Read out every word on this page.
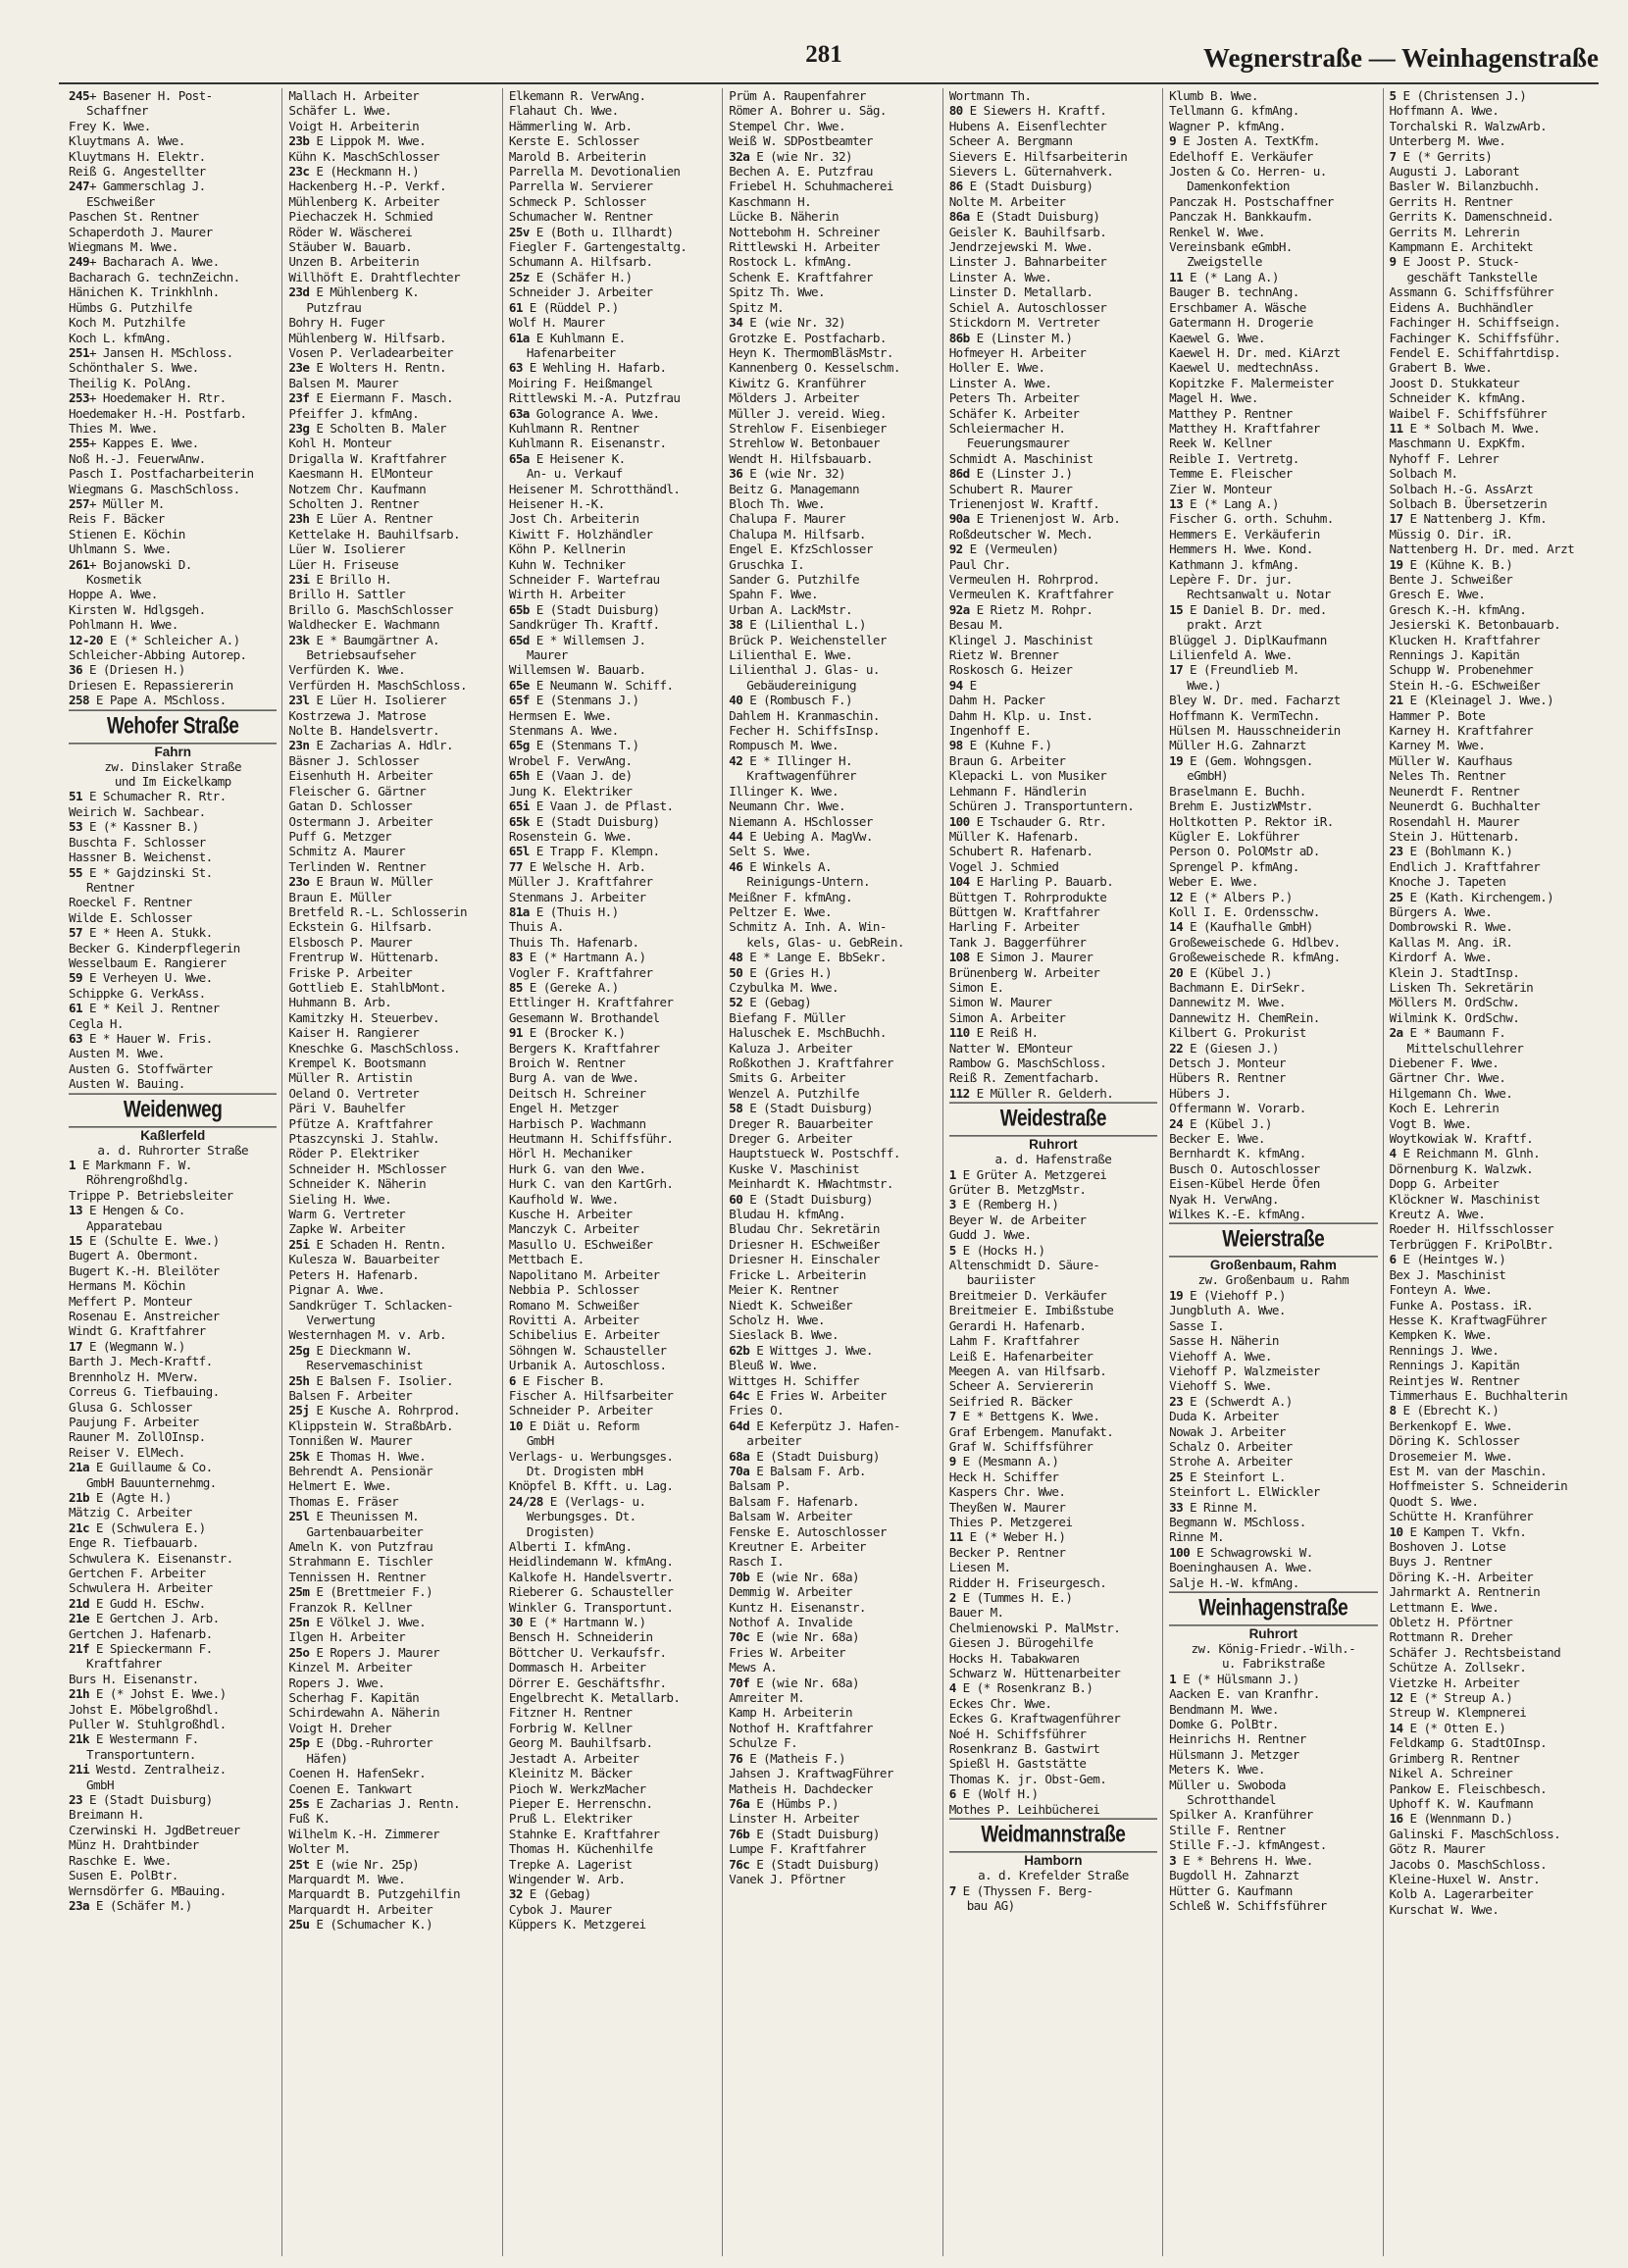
281	Wegnerstraße — Weinhagenstraße
245+ Basener H. Post-
Schaffner
Frey K. Wwe.
Kluytmans A. Wwe.
Kluytmans H. Elektr.
Reiß G. Angestellter
247+ Gammerschlag J.
ESchweißer
Paschen St. Rentner
Schaperdoth J. Maurer
Wiegmans M. Wwe.
249+ Bacharach A. Wwe.
Bacharach G. technZeichn.
Hänichen K. Trinkhlnh.
Hümbs G. Putzhilfe
Koch M. Putzhilfe
Koch L. kfmAng.
251+ Jansen H. MSchloss.
Schönthaler S. Wwe.
Theilig K. PolAng.
253+ Hoedemaker H. Rtr.
Hoedemaker H.-H. Postfarb.
Thies M. Wwe.
255+ Kappes E. Wwe.
Noß H.-J. FeuerwAnw.
Pasch I. Postfacharbeiterin
Wiegmans G. MaschSchloss.
257+ Müller M.
Reis F. Bäcker
Stienen E. Köchin
Uhlmann S. Wwe.
261+ Bojanowski D.
Kosmetik
Hoppe A. Wwe.
Kirsten W. Hdlgsgeh.
Pohlmann H. Wwe.
12-20 E (* Schleicher A.)
Schleicher-Abbing Autorep.
36 E (Driesen H.)
Driesen E. Repassiererin
258 E Pape A. MSchloss.
Wehofer Straße
Fahrn
zw. Dinslaker Straße
und Im Eickelkamp
51 E Schumacher R. Rtr.
Weirich W. Sachbear.
53 E (* Kassner B.)
Buschta F. Schlosser
Hassner B. Weichenst.
55 E * Gajdzinski St.
Rentner
Roeckel F. Rentner
Wilde E. Schlosser
57 E * Heen A. Stukk.
Becker G. Kinderpflegerin
Wesselbaum E. Rangierer
59 E Verheyen U. Wwe.
Schippke G. VerkAss.
61 E * Keil J. Rentner
Cegla H.
63 E * Hauer W. Fris.
Austen M. Wwe.
Austen G. Stoffwärter
Austen W. Bauing.
Weidenweg
Kaßlerfeld
a. d. Ruhrorter Straße
1 E Markmann F. W.
Röhrengroßhdlg.
Trippe P. Betriebsleiter
13 E Hengen & Co.
Apparatebau
15 E (Schulte E. Wwe.)
Bugert A. Obermont.
Bugert K.-H. Bleilöter
Hermans M. Köchin
Meffert P. Monteur
Rosenau E. Anstreicher
Windt G. Kraftfahrer
17 E (Wegmann W.)
Barth J. Mech-Kraftf.
Brennholz H. MVerw.
Correus G. Tiefbauing.
Glusa G. Schlosser
Paujung F. Arbeiter
Rauner M. ZollOInsp.
Reiser V. ElMech.
21a E Guillaume & Co.
GmbH Bauunternehmg.
21b E (Agte H.)
Mätzig C. Arbeiter
21c E (Schwulera E.)
Enge R. Tiefbauarb.
Schwulera K. Eisenanstr.
Gertchen F. Arbeiter
Schwulera H. Arbeiter
21d E Gudd H. ESchw.
21e E Gertchen J. Arb.
Gertchen J. Hafenarb.
21f E Spieckermann F.
Kraftfahrer
Burs H. Eisenanstr.
21h E (* Johst E. Wwe.)
Johst E. Möbelgroßhdl.
Puller W. Stuhlgroßhdl.
21k E Westermann F.
Transportuntern.
21i Westd. Zentralheiz.
GmbH
23 E (Stadt Duisburg)
Breimann H.
Czerwinski H. JgdBetreuer
Münz H. Drahtbinder
Raschke E. Wwe.
Susen E. PolBtr.
Wernsdörfer G. MBauing.
23a E (Schäfer M.)
Mallach H. Arbeiter
Schäfer L. Wwe.
Voigt H. Arbeiterin
23b E Lippok M. Wwe.
Kühn K. MaschSchlosser
23c E (Heckmann H.)
Hackenberg H.-P. Verkf.
Mühlenberg K. Arbeiter
Piechaczek H. Schmied
Röder W. Wäscherei
Stäuber W. Bauarb.
Unzen B. Arbeiterin
Willhöft E. Drahtflechter
23d E Mühlenberg K.
Putzfrau
Bohry H. Fuger
Mühlenberg W. Hilfsarb.
Vosen P. Verladearbeiter
23e E Wolters H. Rentn.
Balsen M. Maurer
23f E Eiermann F. Masch.
Pfeiffer J. kfmAng.
23g E Scholten B. Maler
Kohl H. Monteur
Drigalla W. Kraftfahrer
Kaesmann H. ElMonteur
Notzem Chr. Kaufmann
Scholten J. Rentner
23h E Lüer A. Rentner
Kettelake H. Bauhilfsarb.
Lüer W. Isolierer
Lüer H. Friseuse
23i E Brillo H.
Brillo H. Sattler
Brillo G. MaschSchlosser
Waldhecker E. Wachmann
23k E * Baumgärtner A.
Betriebsaufseher
Verfürden K. Wwe.
Verfürden H. MaschSchloss.
23l E Lüer H. Isolierer
Kostrzewa J. Matrose
Nolte B. Handelsvertr.
23n E Zacharias A. Hdlr.
Bäsner J. Schlosser
Eisenhuth H. Arbeiter
Fleischer G. Gärtner
Gatan D. Schlosser
Ostermann J. Arbeiter
Puff G. Metzger
Schmitz A. Maurer
Terlinden W. Rentner
23o E Braun W. Müller
Braun E. Müller
Bretfeld R.-L. Schlosserin
Eckstein G. Hilfsarb.
Elsbosch P. Maurer
Frentrup W. Hüttenarb.
Friske P. Arbeiter
Gottlieb E. StahlbMont.
Huhmann B. Arb.
Kamitzky H. Steuerbev.
Kaiser H. Rangierer
Kneschke G. MaschSchloss.
Krempel K. Bootsmann
Müller R. Artistin
Oeland O. Vertreter
Päri V. Bauhelfer
Pfütze A. Kraftfahrer
Ptaszcynski J. Stahlw.
Röder P. Elektriker
Schneider H. MSchlosser
Schneider K. Näherin
Sieling H. Wwe.
Warm G. Vertreter
Zapke W. Arbeiter
25i E Schaden H. Rentn.
Kulesza W. Bauarbeiter
Peters H. Hafenarb.
Pignar A. Wwe.
Sandkrüger T. Schlacken-
Verwertung
Westernhagen M. v. Arb.
25g E Dieckmann W.
Reservemaschinist
25h E Balsen F. Isolier.
Balsen F. Arbeiter
25j E Kusche A. Rohrprod.
Klippstein W. StraßbArb.
Tonnißen W. Maurer
25k E Thomas H. Wwe.
Behrendt A. Pensionär
Helmert E. Wwe.
Thomas E. Fräser
25l E Theunissen M.
Gartenbauarbeiter
Ameln K. von Putzfrau
Strahmann E. Tischler
Tennissen H. Rentner
25m E (Brettmeier F.)
Franzok R. Kellner
25n E Völkel J. Wwe.
Ilgen H. Arbeiter
25o E Ropers J. Maurer
Kinzel M. Arbeiter
Ropers J. Wwe.
Scherhag F. Kapitän
Schirdewahn A. Näherin
Voigt H. Dreher
25p E (Dbg.-Ruhrorter
Häfen)
Coenen H. HafenSekr.
Coenen E. Tankwart
25s E Zacharias J. Rentn.
Fuß K.
Wilhelm K.-H. Zimmerer
Wolter M.
25t E (wie Nr. 25p)
Marquardt M. Wwe.
Marquardt B. Putzgehilfin
Marquardt H. Arbeiter
25u E (Schumacher K.)
Elkemann R. VerwAng.
Flahaut Ch. Wwe.
Hämmerling W. Arb.
Kerste E. Schlosser
Marold B. Arbeiterin
Parrella M. Devotionalien
Parrella W. Servierer
Schmeck P. Schlosser
Schumacher W. Rentner
25v E (Both u. Illhardt)
Fiegler F. Gartengestaltg.
Schumann A. Hilfsarb.
25z E (Schäfer H.)
Schneider J. Arbeiter
61 E (Rüddel P.)
Wolf H. Maurer
61a E Kuhlmann E.
Hafenarbeiter
63 E Wehling H. Hafarb.
Moiring F. Heißmangel
Rittlewski M.-A. Putzfrau
63a Gologrance A. Wwe.
Kuhlmann R. Rentner
Kuhlmann R. Eisenanstr.
65a E Heisener K.
An- u. Verkauf
Heisener M. Schrotthändl.
Heisener H.-K.
Jost Ch. Arbeiterin
Kiwitt F. Holzhändler
Köhn P. Kellnerin
Kuhn W. Techniker
Schneider F. Wartefrau
Wirth H. Arbeiter
65b E (Stadt Duisburg)
Sandkrüger Th. Kraftf.
65d E * Willemsen J.
Maurer
Willemsen W. Bauarb.
65e E Neumann W. Schiff.
65f E (Stenmans J.)
Hermsen E. Wwe.
Stenmans A. Wwe.
65g E (Stenmans T.)
Wrobel F. VerwAng.
65h E (Vaan J. de)
Jung K. Elektriker
65i E Vaan J. de Pflast.
65k E (Stadt Duisburg)
Rosenstein G. Wwe.
65l E Trapp F. Klempn.
77 E Welsche H. Arb.
Müller J. Kraftfahrer
Stenmans J. Arbeiter
81a E (Thuis H.)
Thuis A.
Thuis Th. Hafenarb.
83 E (* Hartmann A.)
Vogler F. Kraftfahrer
85 E (Gereke A.)
Ettlinger H. Kraftfahrer
Gesemann W. Brothandel
91 E (Brocker K.)
Bergers K. Kraftfahrer
Broich W. Rentner
Burg A. van de Wwe.
Deitsch H. Schreiner
Engel H. Metzger
Harbisch P. Wachmann
Heutmann H. Schiffsführ.
Hörl H. Mechaniker
Hurk G. van den Wwe.
Hurk C. van den KartGrh.
Kaufhold W. Wwe.
Kusche H. Arbeiter
Manczyk C. Arbeiter
Masullo U. ESchweißer
Mettbach E.
Napolitano M. Arbeiter
Nebbia P. Schlosser
Romano M. Schweißer
Rovitti A. Arbeiter
Schibelius E. Arbeiter
Söhngen W. Schausteller
Urbanik A. Autoschloss.
6 E Fischer B.
Fischer A. Hilfsarbeiter
Schneider P. Arbeiter
10 E Diät u. Reform
GmbH
Verlags- u. Werbungsges.
Dt. Drogisten mbH
Knöpfel B. Kfft. u. Lag.
24/28 E (Verlags- u.
Werbungsges. Dt.
Drogisten)
Alberti I. kfmAng.
Heidlindemann W. kfmAng.
Kalkofe H. Handelsvertr.
Rieberer G. Schausteller
Winkler G. Transportunt.
30 E (* Hartmann W.)
Bensch H. Schneiderin
Böttcher U. Verkaufsfr.
Dommasch H. Arbeiter
Dörrer E. Geschäftsfhr.
Engelbrecht K. Metallarb.
Fitzner H. Rentner
Forbrig W. Kellner
Georg M. Bauhilfsarb.
Jestadt A. Arbeiter
Kleinitz M. Bäcker
Pioch W. WerkzMacher
Pieper E. Herrenschn.
Pruß L. Elektriker
Stahnke E. Kraftfahrer
Thomas H. Küchenhilfe
Trepke A. Lagerist
Wingender W. Arb.
32 E (Gebag)
Cybok J. Maurer
Küppers K. Metzgerei
Prüm A. Raupenfahrer
Römer A. Bohrer u. Säg.
Stempel Chr. Wwe.
Weiß W. SDPostbeamter
32a E (wie Nr. 32)
Bechen A. E. Putzfrau
Friebel H. Schuhmacherei
Kaschmann H.
Lücke B. Näherin
Nottebohm H. Schreiner
Rittlewski H. Arbeiter
Rostock L. kfmAng.
Schenk E. Kraftfahrer
Spitz Th. Wwe.
Spitz M.
34 E (wie Nr. 32)
Grotzke E. Postfacharb.
Heyn K. ThermomBläsMstr.
Kannenberg O. Kesselschm.
Kiwitz G. Kranführer
Mölders J. Arbeiter
Müller J. vereid. Wieg.
Strehlow F. Eisenbieger
Strehlow W. Betonbauer
Wendt H. Hilfsbauarb.
36 E (wie Nr. 32)
Beitz G. Managemann
Bloch Th. Wwe.
Chalupa F. Maurer
Chalupa M. Hilfsarb.
Engel E. KfzSchlosser
Gruschka I.
Sander G. Putzhilfe
Spahn F. Wwe.
Urban A. LackMstr.
38 E (Lilienthal L.)
Brück P. Weichensteller
Lilienthal E. Wwe.
Lilienthal J. Glas- u.
Gebäudereinigung
40 E (Rombusch F.)
Dahlem H. Kranmaschin.
Fecher H. SchiffsInsp.
Rompusch M. Wwe.
42 E * Illinger H.
Kraftwagenführer
Illinger K. Wwe.
Neumann Chr. Wwe.
Niemann A. HSchlosser
44 E Uebing A. MagVw.
Selt S. Wwe.
46 E Winkels A.
Reinigungs-Untern.
Meißner F. kfmAng.
Peltzer E. Wwe.
Schmitz A. Inh. A. Win-
kels, Glas- u. GebRein.
48 E * Lange E. BbSekr.
50 E (Gries H.)
Czybulka M. Wwe.
52 E (Gebag)
Biefang F. Müller
Haluschek E. MschBuchh.
Kaluza J. Arbeiter
Roßkothen J. Kraftfahrer
Smits G. Arbeiter
Wenzel A. Putzhilfe
58 E (Stadt Duisburg)
Dreger R. Bauarbeiter
Dreger G. Arbeiter
Hauptstueck W. Postschff.
Kuske V. Maschinist
Meinhardt K. HWachtmstr.
60 E (Stadt Duisburg)
Bludau H. kfmAng.
Bludau Chr. Sekretärin
Driesner H. ESchweißer
Driesner H. Einschaler
Fricke L. Arbeiterin
Meier K. Rentner
Niedt K. Schweißer
Scholz H. Wwe.
Sieslack B. Wwe.
62b E Wittges J. Wwe.
Bleuß W. Wwe.
Wittges H. Schiffer
64c E Fries W. Arbeiter
Fries O.
64d E Keferpütz J. Hafen-
arbeiter
68a E (Stadt Duisburg)
70a E Balsam F. Arb.
Balsam P.
Balsam F. Hafenarb.
Balsam W. Arbeiter
Fenske E. Autoschlosser
Kreutner E. Arbeiter
Rasch I.
70b E (wie Nr. 68a)
Demmig W. Arbeiter
Kuntz H. Eisenanstr.
Nothof A. Invalide
70c E (wie Nr. 68a)
Fries W. Arbeiter
Mews A.
70f E (wie Nr. 68a)
Amreiter M.
Kamp H. Arbeiterin
Nothof H. Kraftfahrer
Schulze F.
76 E (Matheis F.)
Jahsen J. KraftwagFührer
Matheis H. Dachdecker
76a E (Hümbs P.)
Linster H. Arbeiter
76b E (Stadt Duisburg)
Lumpe F. Kraftfahrer
76c E (Stadt Duisburg)
Vanek J. Pförtner
Wortmann Th.
80 E Siewers H. Kraftf.
Hubens A. Eisenflechter
Scheer A. Bergmann
Sievers E. Hilfsarbeiterin
Sievers L. Güternahverk.
86 E (Stadt Duisburg)
Nolte M. Arbeiter
86a E (Stadt Duisburg)
Geisler K. Bauhilfsarb.
Jendrzejewski M. Wwe.
Linster J. Bahnarbeiter
Linster A. Wwe.
Linster D. Metallarb.
Schiel A. Autoschlosser
Stickdorn M. Vertreter
86b E (Linster M.)
Hofmeyer H. Arbeiter
Holler E. Wwe.
Linster A. Wwe.
Peters Th. Arbeiter
Schäfer K. Arbeiter
Schleiermacher H.
Feuerungsmaurer
Schmidt A. Maschinist
86d E (Linster J.)
Schubert R. Maurer
Trienenjost W. Kraftf.
90a E Trienenjost W. Arb.
Roßdeutscher W. Mech.
92 E (Vermeulen)
Paul Chr.
Vermeulen H. Rohrprod.
Vermeulen K. Kraftfahrer
92a E Rietz M. Rohpr.
Besau M.
Klingel J. Maschinist
Rietz W. Brenner
Roskosch G. Heizer
94 E
Dahm H. Packer
Dahm H. Klp. u. Inst.
Ingenhoff E.
98 E (Kuhne F.)
Braun G. Arbeiter
Klepacki L. von Musiker
Lehmann F. Händlerin
Schüren J. Transportuntern.
100 E Tschauder G. Rtr.
Müller K. Hafenarb.
Schubert R. Hafenarb.
Vogel J. Schmied
104 E Harling P. Bauarb.
Büttgen T. Rohrprodukte
Büttgen W. Kraftfahrer
Harling F. Arbeiter
Tank J. Baggerführer
108 E Simon J. Maurer
Brünenberg W. Arbeiter
Simon E.
Simon W. Maurer
Simon A. Arbeiter
110 E Reiß H.
Natter W. EMonteur
Rambow G. MaschSchloss.
Reiß R. Zementfacharb.
112 E Müller R. Gelderh.
Weidestraße
Ruhrort
a. d. Hafenstraße
1 E Grüter A. Metzgerei
Grüter B. MetzgMstr.
3 E (Remberg H.)
Beyer W. de Arbeiter
Gudd J. Wwe.
5 E (Hocks H.)
Altenschmidt D. Säure-
bauriister
Breitmeier D. Verkäufer
Breitmeier E. Imbißstube
Gerardi H. Hafenarb.
Lahm F. Kraftfahrer
Leiß E. Hafenarbeiter
Meegen A. van Hilfsarb.
Scheer A. Serviererin
Seifried R. Bäcker
7 E * Bettgens K. Wwe.
Graf Erbengem. Manufakt.
Graf W. Schiffsführer
9 E (Mesmann A.)
Heck H. Schiffer
Kaspers Chr. Wwe.
Theyßen W. Maurer
Thies P. Metzgerei
11 E (* Weber H.)
Becker P. Rentner
Liesen M.
Ridder H. Friseurgesch.
2 E (Tummes H. E.)
Bauer M.
Chelmienowski P. MalMstr.
Giesen J. Bürogehilfe
Hocks H. Tabakwaren
Schwarz W. Hüttenarbeiter
4 E (* Rosenkranz B.)
Eckes Chr. Wwe.
Eckes G. Kraftwagenführer
Noé H. Schiffsführer
Rosenkranz B. Gastwirt
Spießl H. Gaststätte
Thomas K. jr. Obst-Gem.
6 E (Wolf H.)
Mothes P. Leihbücherei
Weidmannstraße
Hamborn
a. d. Krefelder Straße
7 E (Thyssen F. Berg-
bau AG)
Klumb B. Wwe.
Tellmann G. kfmAng.
Wagner P. kfmAng.
9 E Josten A. TextKfm.
Edelhoff E. Verkäufer
Josten & Co. Herren- u.
Damenkonfektion
Panczak H. Postschaffner
Panczak H. Bankkaufm.
Renkel W. Wwe.
Vereinsbank eGmbH.
Zweigstelle
11 E (* Lang A.)
Bauger B. technAng.
Erschbamer A. Wäsche
Gatermann H. Drogerie
Kaewel G. Wwe.
Kaewel H. Dr. med. KiArzt
Kaewel U. medtechnAss.
Kopitzke F. Malermeister
Magel H. Wwe.
Matthey P. Rentner
Matthey H. Kraftfahrer
Reek W. Kellner
Reible I. Vertretg.
Temme E. Fleischer
Zier W. Monteur
13 E (* Lang A.)
Fischer G. orth. Schuhm.
Hemmers E. Verkäuferin
Hemmers H. Wwe. Kond.
Kathmann J. kfmAng.
Lepère F. Dr. jur.
Rechtsanwalt u. Notar
15 E Daniel B. Dr. med.
prakt. Arzt
Blüggel J. DiplKaufmann
Lilienfeld A. Wwe.
17 E (Freundlieb M.
Wwe.)
Bley W. Dr. med. Facharzt
Hoffmann K. VermTechn.
Hülsen M. Hausschneiderin
Müller H.G. Zahnarzt
19 E (Gem. Wohngsgen.
eGmbH)
Braselmann E. Buchh.
Brehm E. JustizWMstr.
Holtkotten P. Rektor iR.
Kügler E. Lokführer
Person O. PolOMstr aD.
Sprengel P. kfmAng.
Weber E. Wwe.
12 E (* Albers P.)
Koll I. E. Ordensschw.
14 E (Kaufhalle GmbH)
Großeweischede G. Hdlbev.
Großeweischede R. kfmAng.
20 E (Kübel J.)
Bachmann E. DirSekr.
Dannewitz M. Wwe.
Dannewitz H. ChemRein.
Kilbert G. Prokurist
22 E (Giesen J.)
Detsch J. Monteur
Hübers R. Rentner
Hübers J.
Offermann W. Vorarb.
24 E (Kübel J.)
Becker E. Wwe.
Bernhardt K. kfmAng.
Busch O. Autoschlosser
Eisen-Kübel Herde Öfen
Nyak H. VerwAng.
Wilkes K.-E. kfmAng.
Weierstraße
Großenbaum, Rahm
zw. Großenbaum u. Rahm
19 E (Viehoff P.)
Jungbluth A. Wwe.
Sasse I.
Sasse H. Näherin
Viehoff A. Wwe.
Viehoff P. Walzmeister
Viehoff S. Wwe.
23 E (Schwerdt A.)
Duda K. Arbeiter
Nowak J. Arbeiter
Schalz O. Arbeiter
Strohe A. Arbeiter
25 E Steinfort L.
Steinfort L. ElWickler
33 E Rinne M.
Begmann W. MSchloss.
Rinne M.
100 E Schwagrowski W.
Boeninghausen A. Wwe.
Salje H.-W. kfmAng.
Weinhagenstraße
Ruhrort
zw. König-Friedr.-Wilh.-
u. Fabrikstraße
1 E (* Hülsmann J.)
Aacken E. van Kranfhr.
Bendmann M. Wwe.
Domke G. PolBtr.
Heinrichs H. Rentner
Hülsmann J. Metzger
Meters K. Wwe.
Müller u. Swoboda
Schrotthandel
Spilker A. Kranführer
Stille F. Rentner
Stille F.-J. kfmAngest.
3 E * Behrens H. Wwe.
Bugdoll H. Zahnarzt
Hütter G. Kaufmann
Schleß W. Schiffsführer
5 E (Christensen J.)
Hoffmann A. Wwe.
Torchalski R. WalzwArb.
Unterberg M. Wwe.
7 E (* Gerrits)
Augusti J. Laborant
Basler W. Bilanzbuchh.
Gerrits H. Rentner
Gerrits K. Damenschneid.
Gerrits M. Lehrerin
Kampmann E. Architekt
9 E Joost P. Stuck-
geschäft Tankstelle
Assmann G. Schiffsführer
Eidens A. Buchhändler
Fachinger H. Schiffseign.
Fachinger K. Schiffsführ.
Fendel E. Schiffahrtdisp.
Grabert B. Wwe.
Joost D. Stukkateur
Schneider K. kfmAng.
Waibel F. Schiffsführer
11 E * Solbach M. Wwe.
Maschmann U. ExpKfm.
Nyhoff F. Lehrer
Solbach M.
Solbach H.-G. AssArzt
Solbach B. Übersetzerin
17 E Nattenberg J. Kfm.
Müssig O. Dir. iR.
Nattenberg H. Dr. med. Arzt
19 E (Kühne K. B.)
Bente J. Schweißer
Gresch E. Wwe.
Gresch K.-H. kfmAng.
Jesierski K. Betonbauarb.
Klucken H. Kraftfahrer
Rennings J. Kapitän
Schupp W. Probenehmer
Stein H.-G. ESchweißer
21 E (Kleinagel J. Wwe.)
Hammer P. Bote
Karney H. Kraftfahrer
Karney M. Wwe.
Müller W. Kaufhaus
Neles Th. Rentner
Neunerdt F. Rentner
Neunerdt G. Buchhalter
Rosendahl H. Maurer
Stein J. Hüttenarb.
23 E (Bohlmann K.)
Endlich J. Kraftfahrer
Knoche J. Tapeten
25 E (Kath. Kirchengem.)
Bürgers A. Wwe.
Dombrowski R. Wwe.
Kallas M. Ang. iR.
Kirdorf A. Wwe.
Klein J. StadtInsp.
Lisken Th. Sekretärin
Möllers M. OrdSchw.
Wilmink K. OrdSchw.
2a E * Baumann F.
Mittelschullehrer
Diebener F. Wwe.
Gärtner Chr. Wwe.
Hilgemann Ch. Wwe.
Koch E. Lehrerin
Vogt B. Wwe.
Woytkowiak W. Kraftf.
4 E Reichmann M. Glnh.
Dörnenburg K. Walzwk.
Dopp G. Arbeiter
Klöckner W. Maschinist
Kreutz A. Wwe.
Roeder H. Hilfsschlosser
Terbrüggen F. KriPolBtr.
6 E (Heintges W.)
Bex J. Maschinist
Fonteyn A. Wwe.
Funke A. Postass. iR.
Hesse K. KraftwagFührer
Kempken K. Wwe.
Rennings J. Wwe.
Rennings J. Kapitän
Reintjes W. Rentner
Timmerhaus E. Buchhalterin
8 E (Ebrecht K.)
Berkenkopf E. Wwe.
Döring K. Schlosser
Drosemeier M. Wwe.
Est M. van der Maschin.
Hoffmeister S. Schneiderin
Quodt S. Wwe.
Schütte H. Kranführer
10 E Kampen T. Vkfn.
Boshoven J. Lotse
Buys J. Rentner
Döring K.-H. Arbeiter
Jahrmarkt A. Rentnerin
Lettmann E. Wwe.
Obletz H. Pförtner
Rottmann R. Dreher
Schäfer J. Rechtsbeistand
Schütze A. Zollsekr.
Vietzke H. Arbeiter
12 E (* Streup A.)
Streup W. Klempnerei
14 E (* Otten E.)
Feldkamp G. StadtOInsp.
Grimberg R. Rentner
Nikel A. Schreiner
Pankow E. Fleischbesch.
Uphoff K. W. Kaufmann
16 E (Wennmann D.)
Galinski F. MaschSchloss.
Götz R. Maurer
Jacobs O. MaschSchloss.
Kleine-Huxel W. Anstr.
Kolb A. Lagerarbeiter
Kurschat W. Wwe.
